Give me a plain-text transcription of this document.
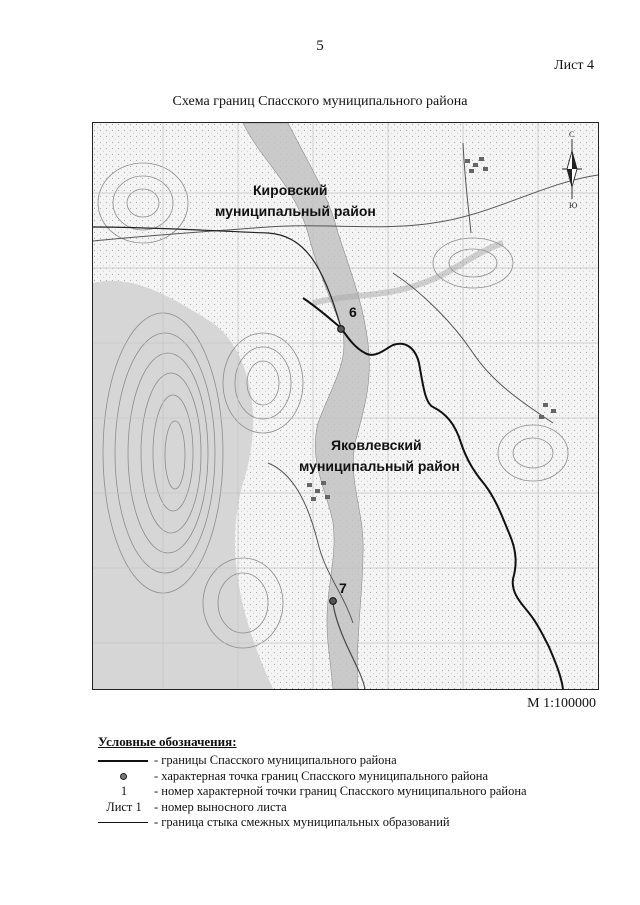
5
Лист 4
Схема границ Спасского муниципального района
6
7
Кировский
муниципальный район
Яковлевский
муниципальный район
С
Ю
М 1:100000
Условные обозначения:
- границы Спасского муниципального района
- характерная точка границ Спасского муниципального района
1	- номер характерной точки границ Спасского муниципального района
Лист 1 - номер выносного листа
- граница стыка смежных муниципальных образований
